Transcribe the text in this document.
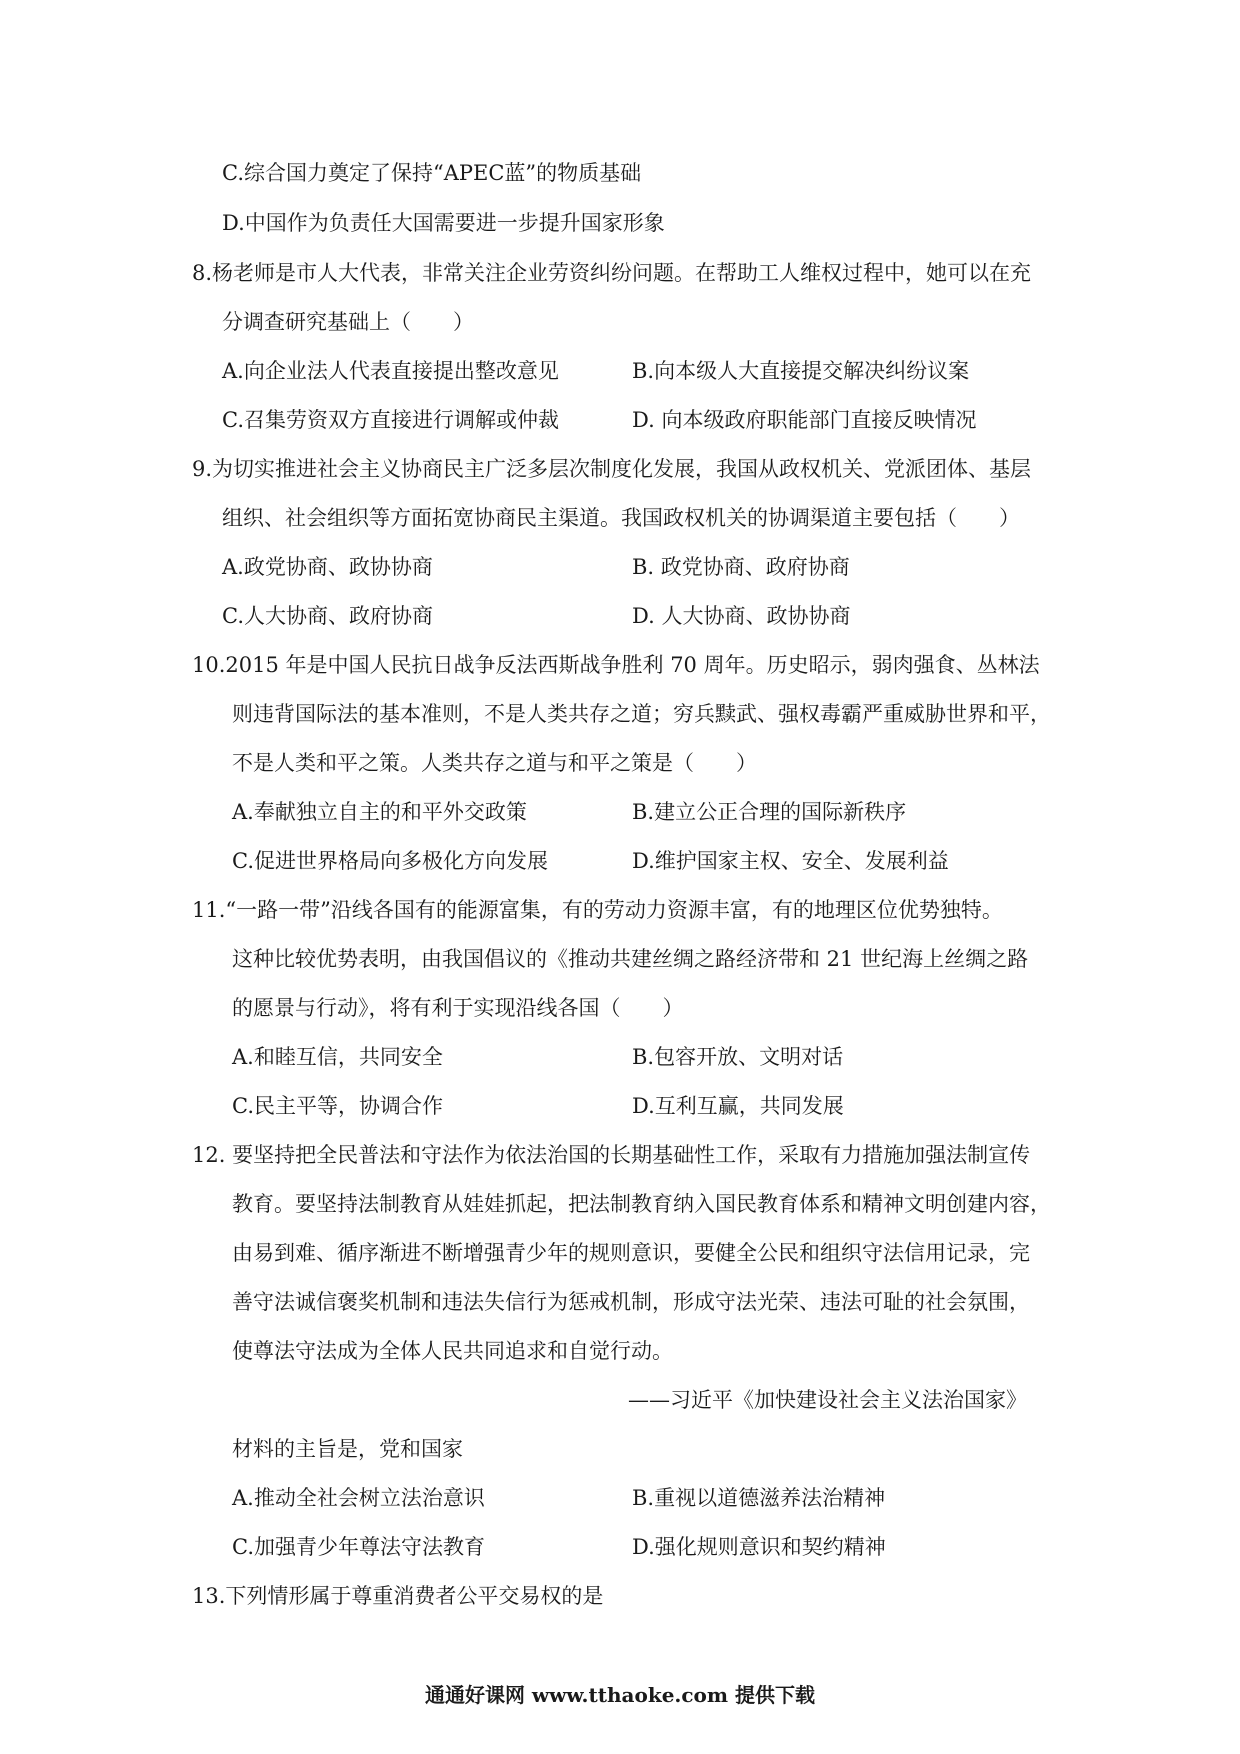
C.综合国力奠定了保持“APEC蓝”的物质基础
D.中国作为负责任大国需要进一步提升国家形象
8.杨老师是市人大代表，非常关注企业劳资纠纷问题。在帮助工人维权过程中，她可以在充
分调查研究基础上（　　）
A.向企业法人代表直接提出整改意见	B.向本级人大直接提交解决纠纷议案
C.召集劳资双方直接进行调解或仲裁	D. 向本级政府职能部门直接反映情况
9.为切实推进社会主义协商民主广泛多层次制度化发展，我国从政权机关、党派团体、基层
组织、社会组织等方面拓宽协商民主渠道。我国政权机关的协调渠道主要包括（　　）
A.政党协商、政协协商	B. 政党协商、政府协商
C.人大协商、政府协商	D. 人大协商、政协协商
10.2015 年是中国人民抗日战争反法西斯战争胜利 70 周年。历史昭示，弱肉强食、丛林法
则违背国际法的基本准则，不是人类共存之道；穷兵黩武、强权毒霸严重威胁世界和平，
不是人类和平之策。人类共存之道与和平之策是（　　）
A.奉献独立自主的和平外交政策	B.建立公正合理的国际新秩序
C.促进世界格局向多极化方向发展	D.维护国家主权、安全、发展利益
11.“一路一带”沿线各国有的能源富集，有的劳动力资源丰富，有的地理区位优势独特。
这种比较优势表明，由我国倡议的《推动共建丝绸之路经济带和 21 世纪海上丝绸之路
的愿景与行动》，将有利于实现沿线各国（　　）
A.和睦互信，共同安全	B.包容开放、文明对话
C.民主平等，协调合作	D.互利互赢，共同发展
12. 要坚持把全民普法和守法作为依法治国的长期基础性工作，采取有力措施加强法制宣传
教育。要坚持法制教育从娃娃抓起，把法制教育纳入国民教育体系和精神文明创建内容，
由易到难、循序渐进不断增强青少年的规则意识，要健全公民和组织守法信用记录，完
善守法诚信褒奖机制和违法失信行为惩戒机制，形成守法光荣、违法可耻的社会氛围，
使尊法守法成为全体人民共同追求和自觉行动。
——习近平《加快建设社会主义法治国家》
材料的主旨是，党和国家
A.推动全社会树立法治意识	B.重视以道德滋养法治精神
C.加强青少年尊法守法教育	D.强化规则意识和契约精神
13.下列情形属于尊重消费者公平交易权的是
通通好课网 www.tthaoke.com 提供下载
